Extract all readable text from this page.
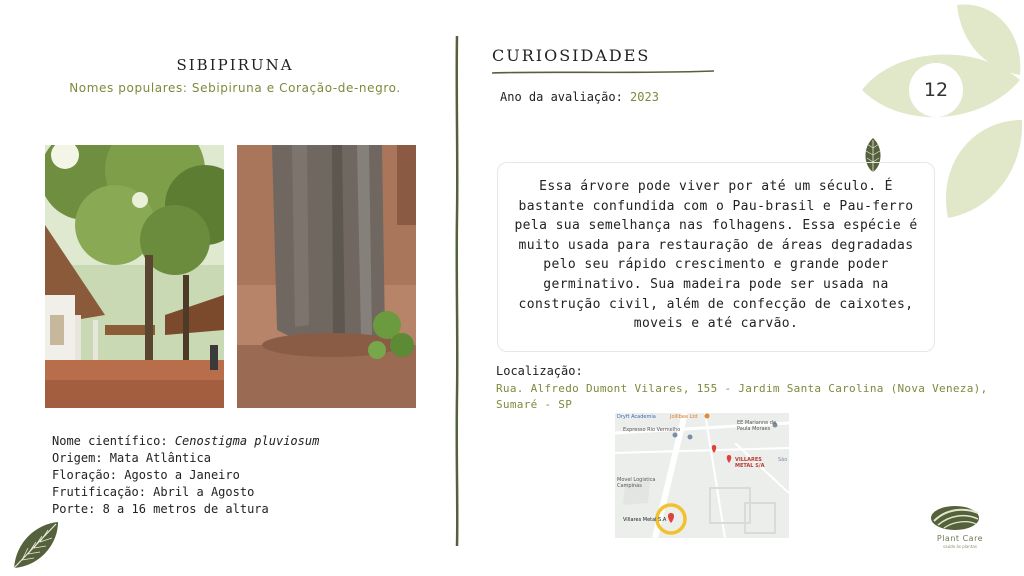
SIBIPIRUNA
Nomes populares: Sebipiruna e Coração-de-negro.
Nome científico: Cenostigma pluviosum
Origem: Mata Atlântica
Floração: Agosto a Janeiro
Frutificação: Abril a Agosto
Porte: 8 a 16 metros de altura
CURIOSIDADES
Ano da avaliação: 2023
Essa árvore pode viver por até um século. É bastante confundida com o Pau-brasil e Pau-ferro pela sua semelhança nas folhagens. Essa espécie é muito usada para restauração de áreas degradadas pelo seu rápido crescimento e grande poder germinativo. Sua madeira pode ser usada na construção civil, além de confecção de caixotes, moveis e até carvão.
Localização:
Rua. Alfredo Dumont Vilares, 155 - Jardim Santa Carolina (Nova Veneza), Sumaré - SP
Dryft Academia	Jollibee Ltd
Expresso Rio Vermelho
EE Marianne de Paula Moraes
VILLARES METAL S/A
São
Movel Logistica Campinas
Villares Metal S.A
12
Plant Care
saúde às plantas
